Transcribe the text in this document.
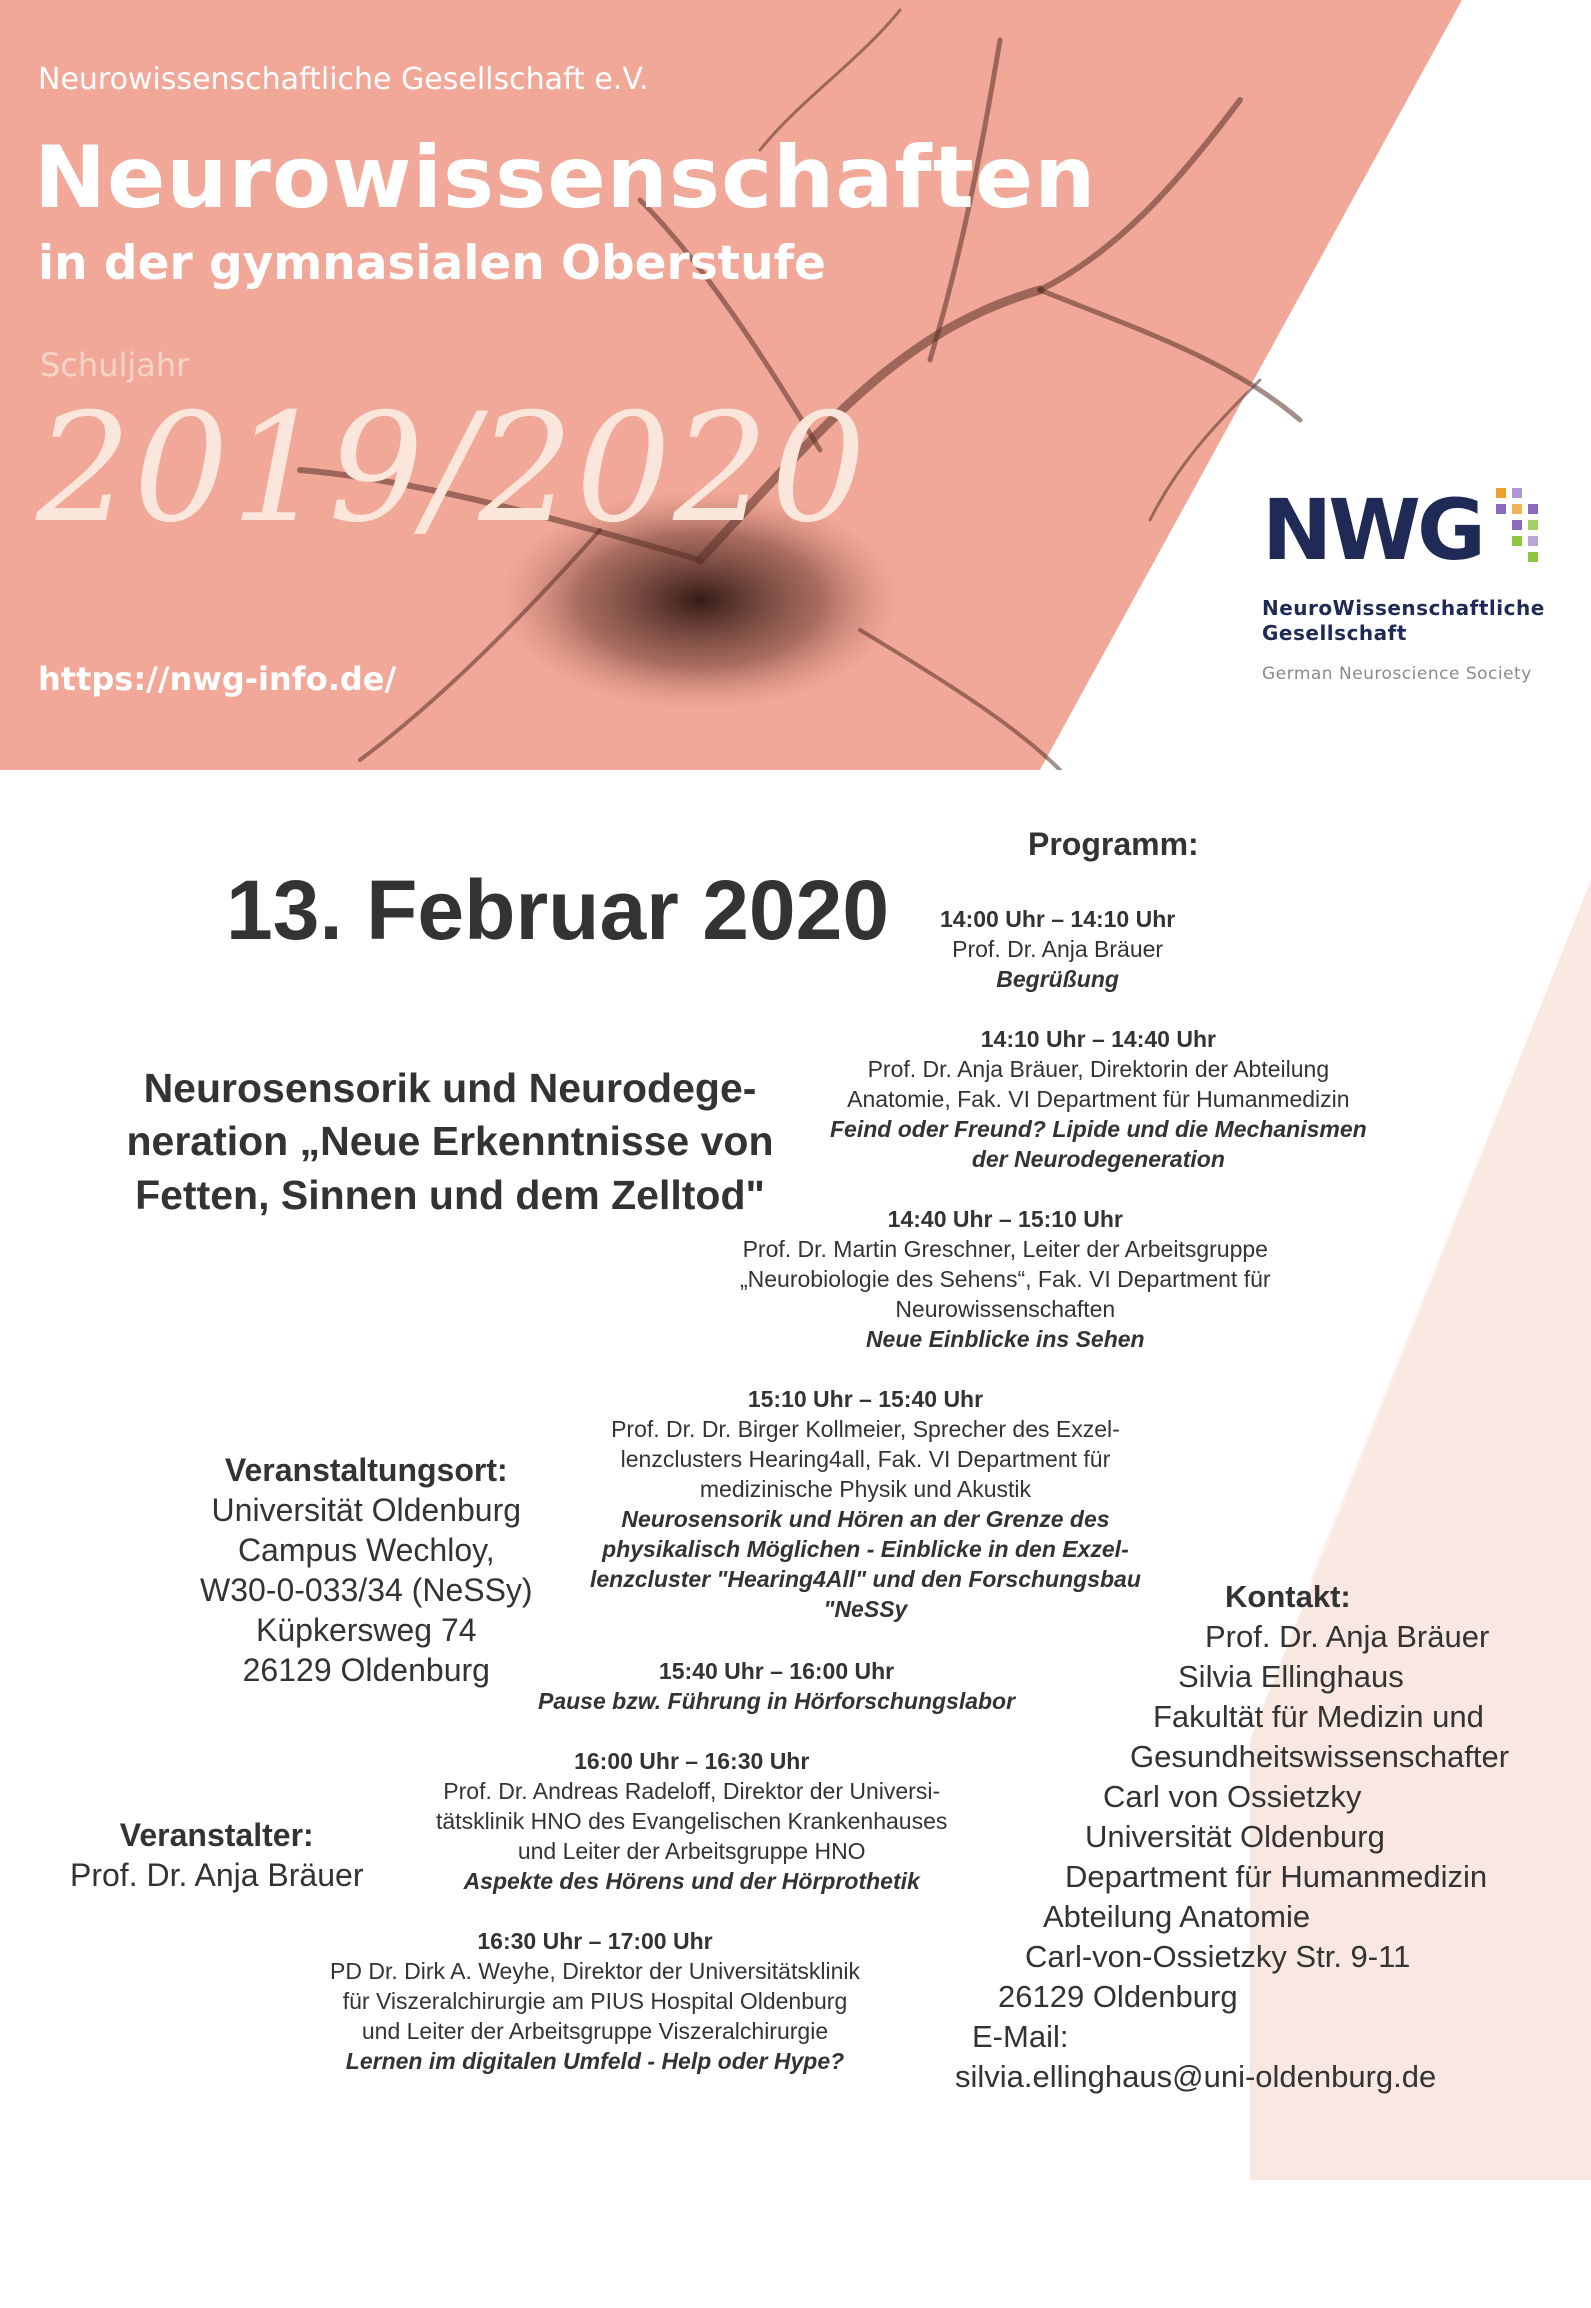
Neurowissenschaftliche Gesellschaft e.V.
Neurowissenschaften
in der gymnasialen Oberstufe
Schuljahr
2019/2020
https://nwg-info.de/
NWG
NeuroWissenschaftliche
Gesellschaft
German Neuroscience Society
13. Februar 2020
Neurosensorik und Neurodege-
neration „Neue Erkenntnisse von
Fetten, Sinnen und dem Zelltod"
Programm:
14:00 Uhr – 14:10 Uhr
Prof. Dr. Anja Bräuer
Begrüßung
14:10 Uhr – 14:40 Uhr
Prof. Dr. Anja Bräuer, Direktorin der Abteilung
Anatomie, Fak. VI Department für Humanmedizin
Feind oder Freund? Lipide und die Mechanismen
der Neurodegeneration
14:40 Uhr – 15:10 Uhr
Prof. Dr. Martin Greschner, Leiter der Arbeitsgruppe
„Neurobiologie des Sehens“, Fak. VI Department für
Neurowissenschaften
Neue Einblicke ins Sehen
15:10 Uhr – 15:40 Uhr
Prof. Dr. Dr. Birger Kollmeier, Sprecher des Exzel-
lenzclusters Hearing4all, Fak. VI Department für
medizinische Physik und Akustik
Neurosensorik und Hören an der Grenze des
physikalisch Möglichen - Einblicke in den Exzel-
lenzcluster "Hearing4All" und den Forschungsbau
"NeSSy
15:40 Uhr – 16:00 Uhr
Pause bzw. Führung in Hörforschungslabor
16:00 Uhr – 16:30 Uhr
Prof. Dr. Andreas Radeloff, Direktor der Universi-
tätsklinik HNO des Evangelischen Krankenhauses
und Leiter der Arbeitsgruppe HNO
Aspekte des Hörens und der Hörprothetik
16:30 Uhr – 17:00 Uhr
PD Dr. Dirk A. Weyhe, Direktor der Universitätsklinik
für Viszeralchirurgie am PIUS Hospital Oldenburg
und Leiter der Arbeitsgruppe Viszeralchirurgie
Lernen im digitalen Umfeld - Help oder Hype?
Veranstaltungsort:
Universität Oldenburg
Campus Wechloy,
W30-0-033/34 (NeSSy)
Küpkersweg 74
26129 Oldenburg
Veranstalter:
Prof. Dr. Anja Bräuer
Kontakt:
Prof. Dr. Anja Bräuer
Silvia Ellinghaus
Fakultät für Medizin und
Gesundheitswissenschafter
Carl von Ossietzky
Universität Oldenburg
Department für Humanmedizin
Abteilung Anatomie
Carl-von-Ossietzky Str. 9-11
26129 Oldenburg
E-Mail:
silvia.ellinghaus@uni-oldenburg.de
